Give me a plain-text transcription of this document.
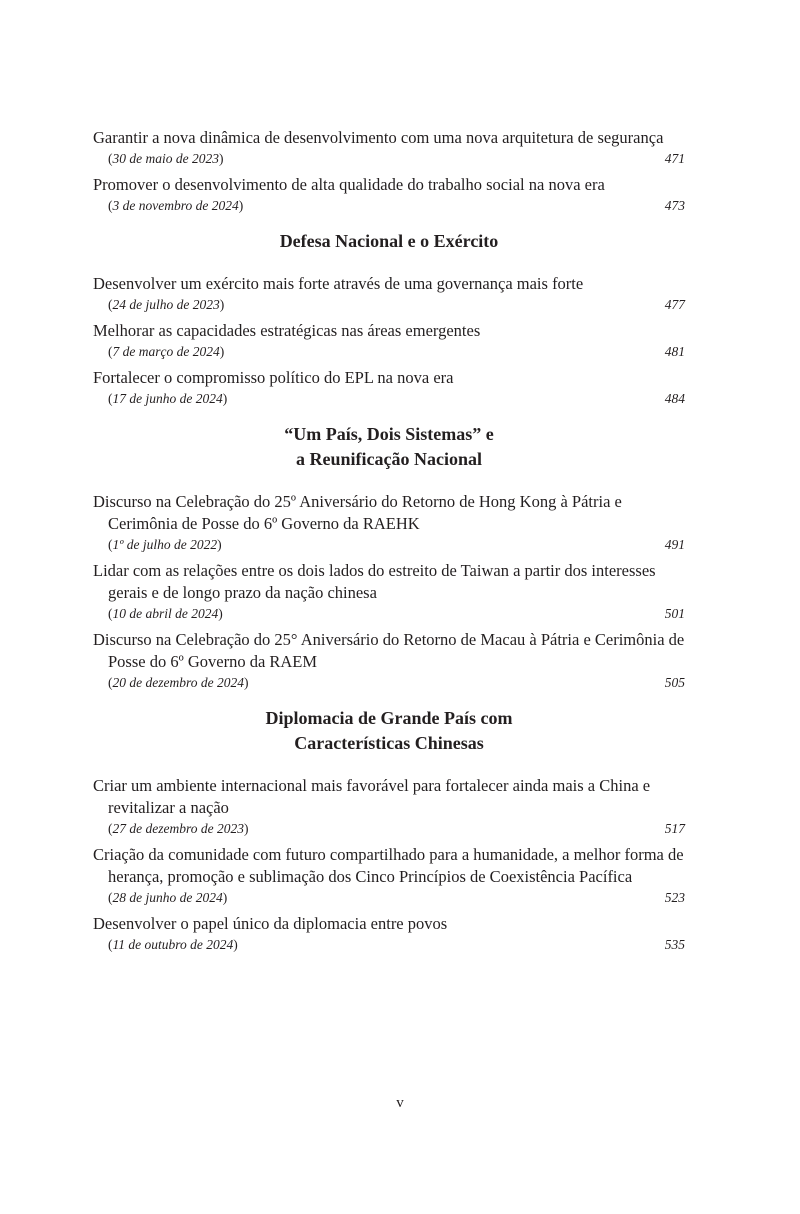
Garantir a nova dinâmica de desenvolvimento com uma nova arquitetura de segurança
(30 de maio de 2023)	471
Promover o desenvolvimento de alta qualidade do trabalho social na nova era
(3 de novembro de 2024)	473
Defesa Nacional e o Exército
Desenvolver um exército mais forte através de uma governança mais forte
(24 de julho de 2023)	477
Melhorar as capacidades estratégicas nas áreas emergentes
(7 de março de 2024)	481
Fortalecer o compromisso político do EPL na nova era
(17 de junho de 2024)	484
“Um País, Dois Sistemas” e
a Reunificação Nacional
Discurso na Celebração do 25º Aniversário do Retorno de Hong Kong à Pátria e Cerimônia de Posse do 6º Governo da RAEHK
(1º de julho de 2022)	491
Lidar com as relações entre os dois lados do estreito de Taiwan a partir dos interesses gerais e de longo prazo da nação chinesa
(10 de abril de 2024)	501
Discurso na Celebração do 25° Aniversário do Retorno de Macau à Pátria e Cerimônia de Posse do 6º Governo da RAEM
(20 de dezembro de 2024)	505
Diplomacia de Grande País com
Características Chinesas
Criar um ambiente internacional mais favorável para fortalecer ainda mais a China e revitalizar a nação
(27 de dezembro de 2023)	517
Criação da comunidade com futuro compartilhado para a humanidade, a melhor forma de herança, promoção e sublimação dos Cinco Princípios de Coexistência Pacífica
(28 de junho de 2024)	523
Desenvolver o papel único da diplomacia entre povos
(11 de outubro de 2024)	535
v
